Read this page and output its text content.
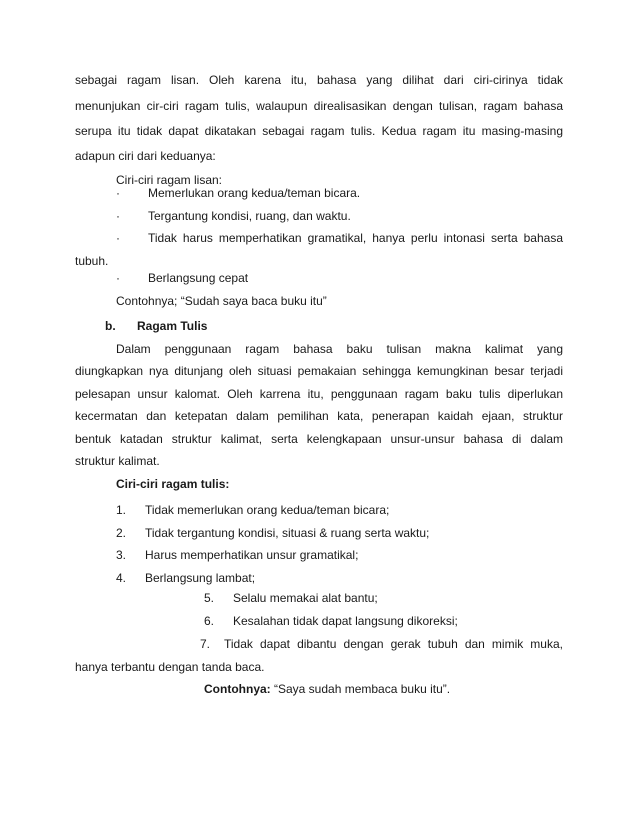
sebagai ragam lisan. Oleh karena itu, bahasa yang dilihat dari ciri-cirinya tidak
menunjukan cir-ciri ragam tulis, walaupun direalisasikan dengan tulisan, ragam bahasa
serupa itu tidak dapat dikatakan sebagai ragam tulis. Kedua ragam itu masing-masing
adapun ciri dari keduanya:
Ciri-ciri ragam lisan:
· Memerlukan orang kedua/teman bicara.
· Tergantung kondisi, ruang, dan waktu.
· Tidak harus memperhatikan gramatikal, hanya perlu intonasi serta bahasa
tubuh.
· Berlangsung cepat
Contohnya; “Sudah saya baca buku itu”
b. Ragam Tulis
Dalam penggunaan ragam bahasa baku tulisan makna kalimat yang
diungkapkan nya ditunjang oleh situasi pemakaian sehingga kemungkinan besar terjadi
pelesapan unsur kalomat. Oleh karrena itu, penggunaan ragam baku tulis diperlukan
kecermatan dan ketepatan dalam pemilihan kata, penerapan kaidah ejaan, struktur
bentuk katadan struktur kalimat, serta kelengkapaan unsur-unsur bahasa di dalam
struktur kalimat.
Ciri-ciri ragam tulis:
1. Tidak memerlukan orang kedua/teman bicara;
2. Tidak tergantung kondisi, situasi & ruang serta waktu;
3. Harus memperhatikan unsur gramatikal;
4. Berlangsung lambat;
5. Selalu memakai alat bantu;
6. Kesalahan tidak dapat langsung dikoreksi;
7. Tidak dapat dibantu dengan gerak tubuh dan mimik muka,
hanya terbantu dengan tanda baca.
Contohnya: “Saya sudah membaca buku itu”.
